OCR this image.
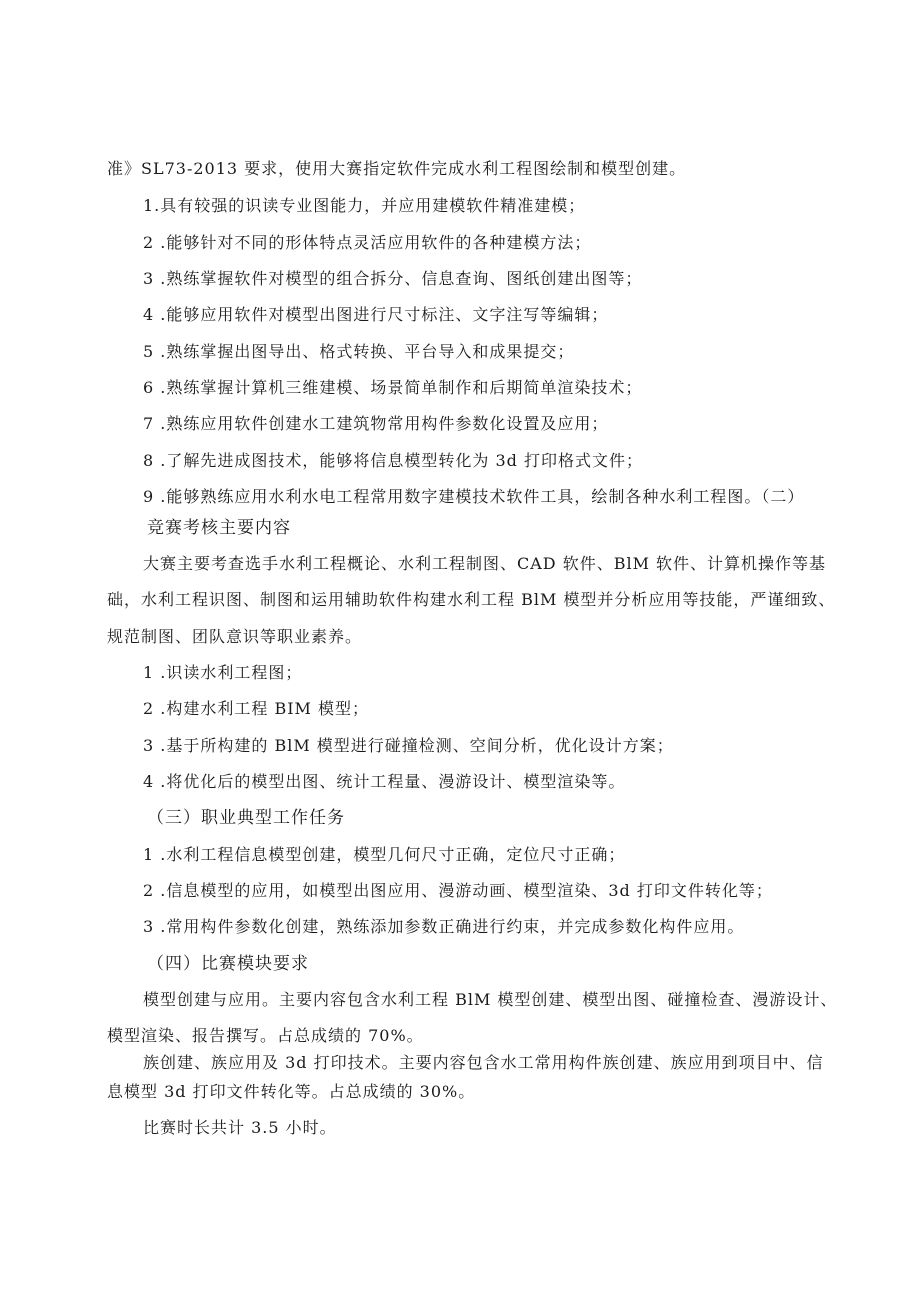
准》SL73-2013 要求，使用大赛指定软件完成水利工程图绘制和模型创建。
1.具有较强的识读专业图能力，并应用建模软件精准建模；
2 .能够针对不同的形体特点灵活应用软件的各种建模方法；
3 .熟练掌握软件对模型的组合拆分、信息查询、图纸创建出图等；
4 .能够应用软件对模型出图进行尺寸标注、文字注写等编辑；
5 .熟练掌握出图导出、格式转换、平台导入和成果提交；
6 .熟练掌握计算机三维建模、场景简单制作和后期简单渲染技术；
7 .熟练应用软件创建水工建筑物常用构件参数化设置及应用；
8 .了解先进成图技术，能够将信息模型转化为 3d 打印格式文件；
9 .能够熟练应用水利水电工程常用数字建模技术软件工具，绘制各种水利工程图。（二）
竞赛考核主要内容
大赛主要考查选手水利工程概论、水利工程制图、CAD 软件、BlM 软件、计算机操作等基
础，水利工程识图、制图和运用辅助软件构建水利工程 BlM 模型并分析应用等技能，严谨细致、
规范制图、团队意识等职业素养。
1 .识读水利工程图；
2 .构建水利工程 BIM 模型；
3 .基于所构建的 BlM 模型进行碰撞检测、空间分析，优化设计方案；
4 .将优化后的模型出图、统计工程量、漫游设计、模型渲染等。
（三）职业典型工作任务
1 .水利工程信息模型创建，模型几何尺寸正确，定位尺寸正确；
2 .信息模型的应用，如模型出图应用、漫游动画、模型渲染、3d 打印文件转化等；
3 .常用构件参数化创建，熟练添加参数正确进行约束，并完成参数化构件应用。
（四）比赛模块要求
模型创建与应用。主要内容包含水利工程 BlM 模型创建、模型出图、碰撞检查、漫游设计、
模型渲染、报告撰写。占总成绩的 70%。
族创建、族应用及 3d 打印技术。主要内容包含水工常用构件族创建、族应用到项目中、信
息模型 3d 打印文件转化等。占总成绩的 30%。
比赛时长共计 3.5 小时。
